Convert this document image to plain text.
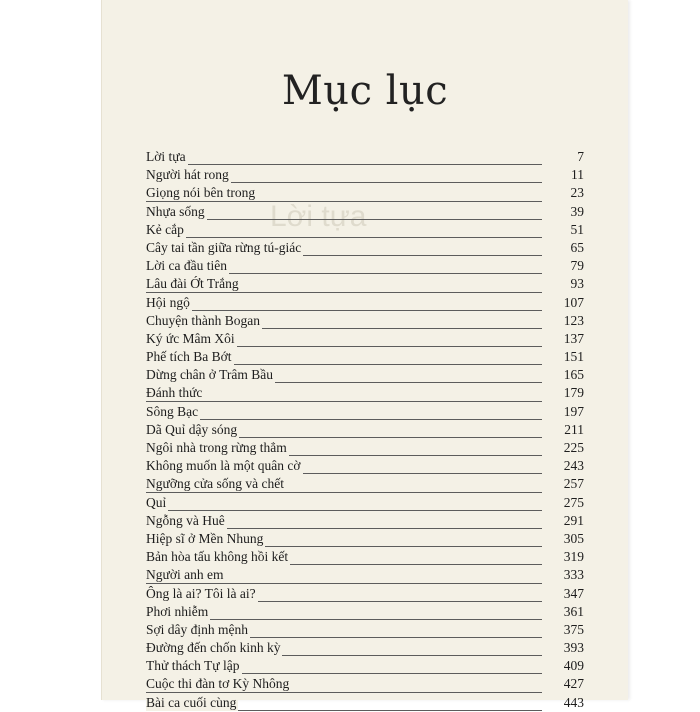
Lời tựa
Mục lục
Lời tựa	7
Người hát rong	11
Giọng nói bên trong	23
Nhựa sống	39
Kẻ cắp	51
Cây tai tần giữa rừng tú-giác	65
Lời ca đầu tiên	79
Lâu đài Ớt Trắng	93
Hội ngộ	107
Chuyện thành Bogan	123
Ký ức Mâm Xôi	137
Phế tích Ba Bớt	151
Dừng chân ở Trâm Bầu	165
Đánh thức	179
Sông Bạc	197
Dã Quỉ dậy sóng	211
Ngôi nhà trong rừng thẳm	225
Không muốn là một quân cờ	243
Ngưỡng cửa sống và chết	257
Quỉ	275
Ngỗng và Huê	291
Hiệp sĩ ở Mền Nhung	305
Bản hòa tấu không hồi kết	319
Người anh em	333
Ông là ai? Tôi là ai?	347
Phơi nhiễm	361
Sợi dây định mệnh	375
Đường đến chốn kinh kỳ	393
Thử thách Tự lập	409
Cuộc thi đàn tơ Kỳ Nhông	427
Bài ca cuối cùng	443
